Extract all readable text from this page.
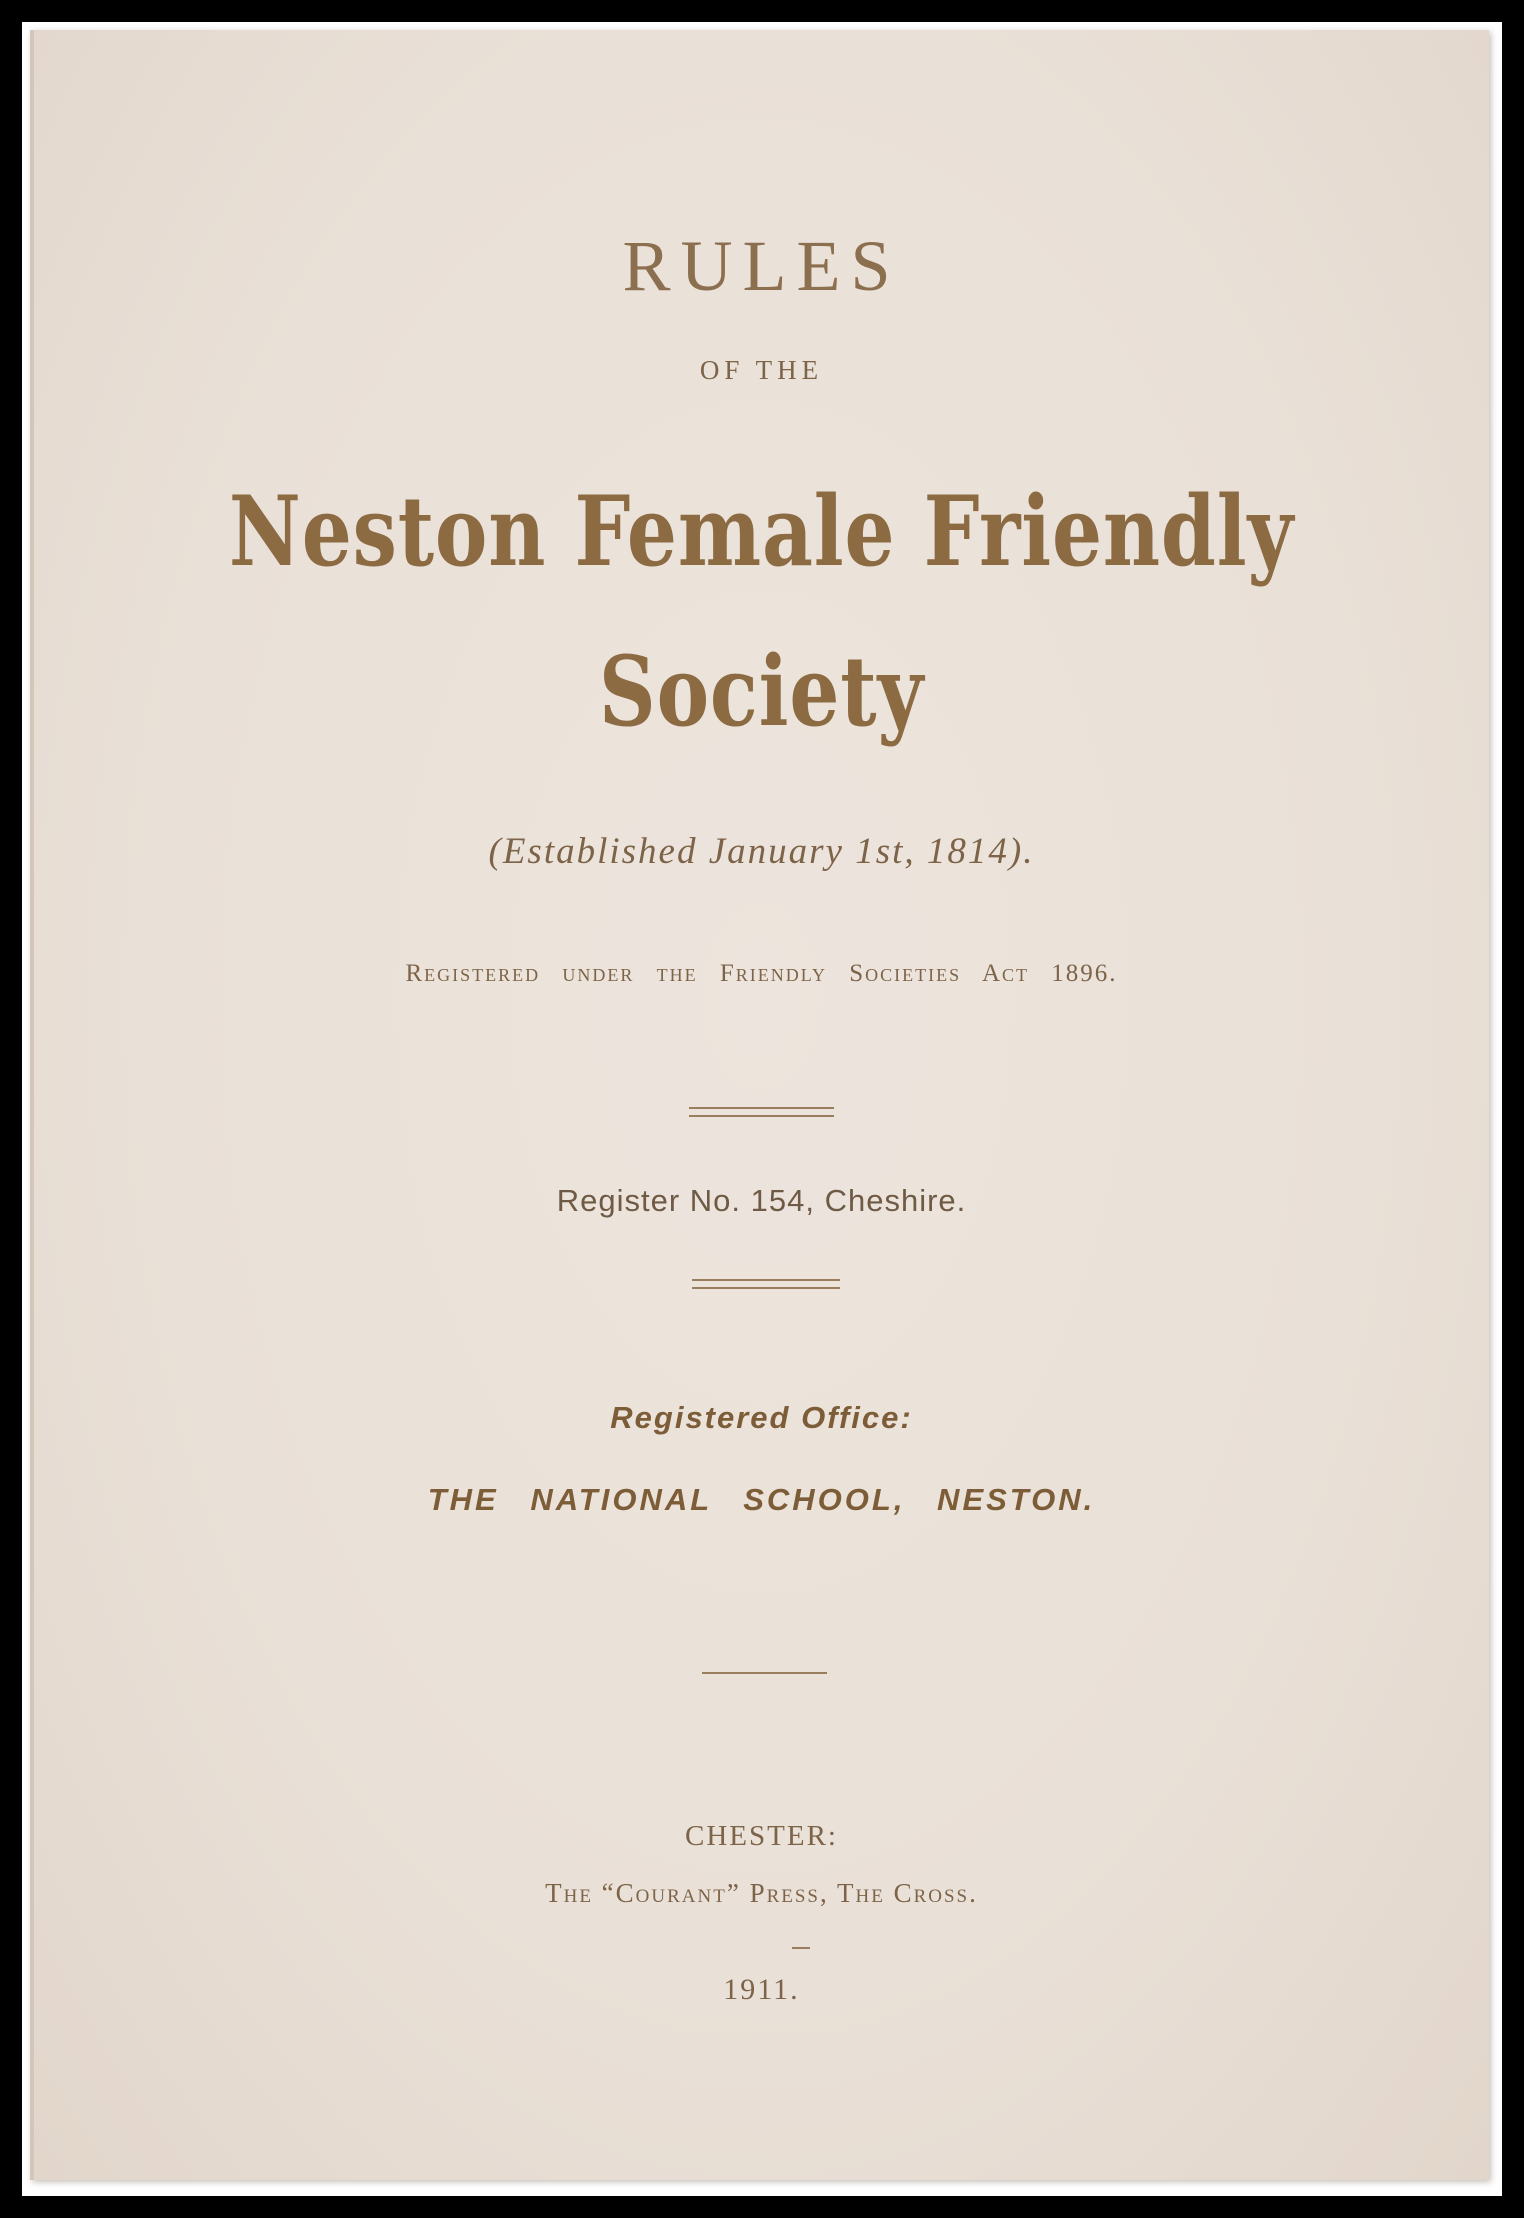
RULES
OF THE
Neston Female Friendly
Society
(Established January 1st, 1814).
Registered under the Friendly Societies Act 1896.
Register No. 154, Cheshire.
Registered Office:
THE NATIONAL SCHOOL, NESTON.
CHESTER:
The “Courant” Press, The Cross.
1911.
